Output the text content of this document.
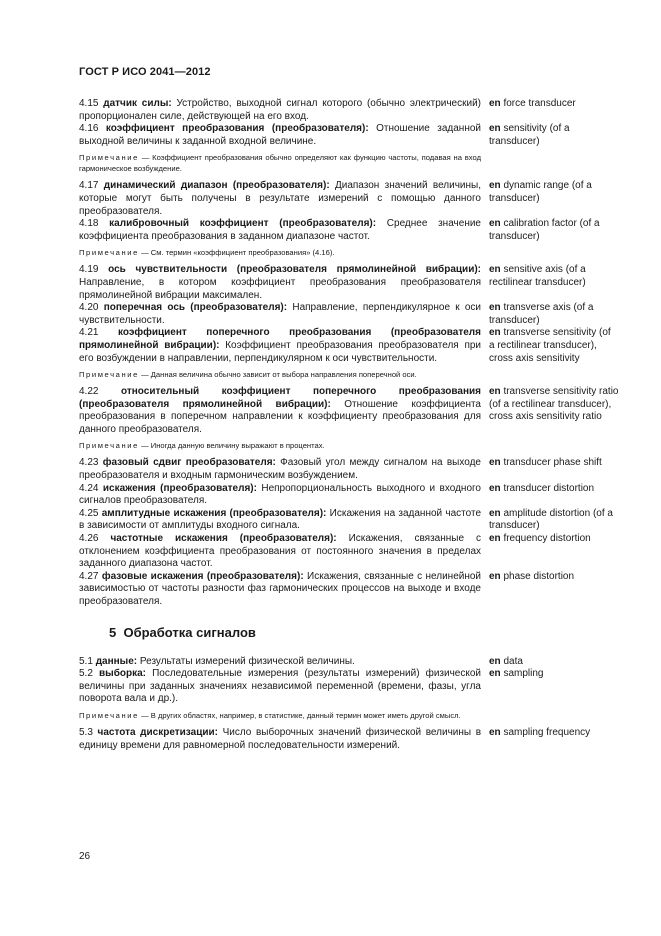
ГОСТ Р ИСО 2041—2012
4.15 датчик силы: Устройство, выходной сигнал которого (обычно электрический) пропорционален силе, действующей на его вход.
en force transducer
4.16 коэффициент преобразования (преобразователя): Отношение заданной выходной величины к заданной входной величине.
en sensitivity (of a transducer)
Примечание — Коэффициент преобразования обычно определяют как функцию частоты, подавая на вход гармоническое возбуждение.
4.17 динамический диапазон (преобразователя): Диапазон значений величины, которые могут быть получены в результате измерений с помощью данного преобразователя.
en dynamic range (of a transducer)
4.18 калибровочный коэффициент (преобразователя): Среднее значение коэффициента преобразования в заданном диапазоне частот.
en calibration factor (of a transducer)
Примечание — См. термин «коэффициент преобразования» (4.16).
4.19 ось чувствительности (преобразователя прямолинейной вибрации): Направление, в котором коэффициент преобразования преобразователя прямолинейной вибрации максимален.
en sensitive axis (of a rectilinear transducer)
4.20 поперечная ось (преобразователя): Направление, перпендикулярное к оси чувствительности.
en transverse axis (of a transducer)
4.21 коэффициент поперечного преобразования (преобразователя прямолинейной вибрации): Коэффициент преобразования преобразователя при его возбуждении в направлении, перпендикулярном к оси чувствительности.
en transverse sensitivity (of a rectilinear transducer), cross axis sensitivity
Примечание — Данная величина обычно зависит от выбора направления поперечной оси.
4.22 относительный коэффициент поперечного преобразования (преобразователя прямолинейной вибрации): Отношение коэффициента преобразования в поперечном направлении к коэффициенту преобразования для данного преобразователя.
en transverse sensitivity ratio (of a rectilinear transducer), cross axis sensitivity ratio
Примечание — Иногда данную величину выражают в процентах.
4.23 фазовый сдвиг преобразователя: Фазовый угол между сигналом на выходе преобразователя и входным гармоническим возбуждением.
en transducer phase shift
4.24 искажения (преобразователя): Непропорциональность выходного и входного сигналов преобразователя.
en transducer distortion
4.25 амплитудные искажения (преобразователя): Искажения на заданной частоте в зависимости от амплитуды входного сигнала.
en amplitude distortion (of a transducer)
4.26 частотные искажения (преобразователя): Искажения, связанные с отклонением коэффициента преобразования от постоянного значения в пределах заданного диапазона частот.
en frequency distortion
4.27 фазовые искажения (преобразователя): Искажения, связанные с нелинейной зависимостью от частоты разности фаз гармонических процессов на выходе и входе преобразователя.
en phase distortion
5 Обработка сигналов
5.1 данные: Результаты измерений физической величины.	en data
5.2 выборка: Последовательные измерения (результаты измерений) физической величины при заданных значениях независимой переменной (времени, фазы, угла поворота вала и др.).
en sampling
Примечание — В других областях, например, в статистике, данный термин может иметь другой смысл.
5.3 частота дискретизации: Число выборочных значений физической величины в единицу времени для равномерной последовательности измерений.
en sampling frequency
26
